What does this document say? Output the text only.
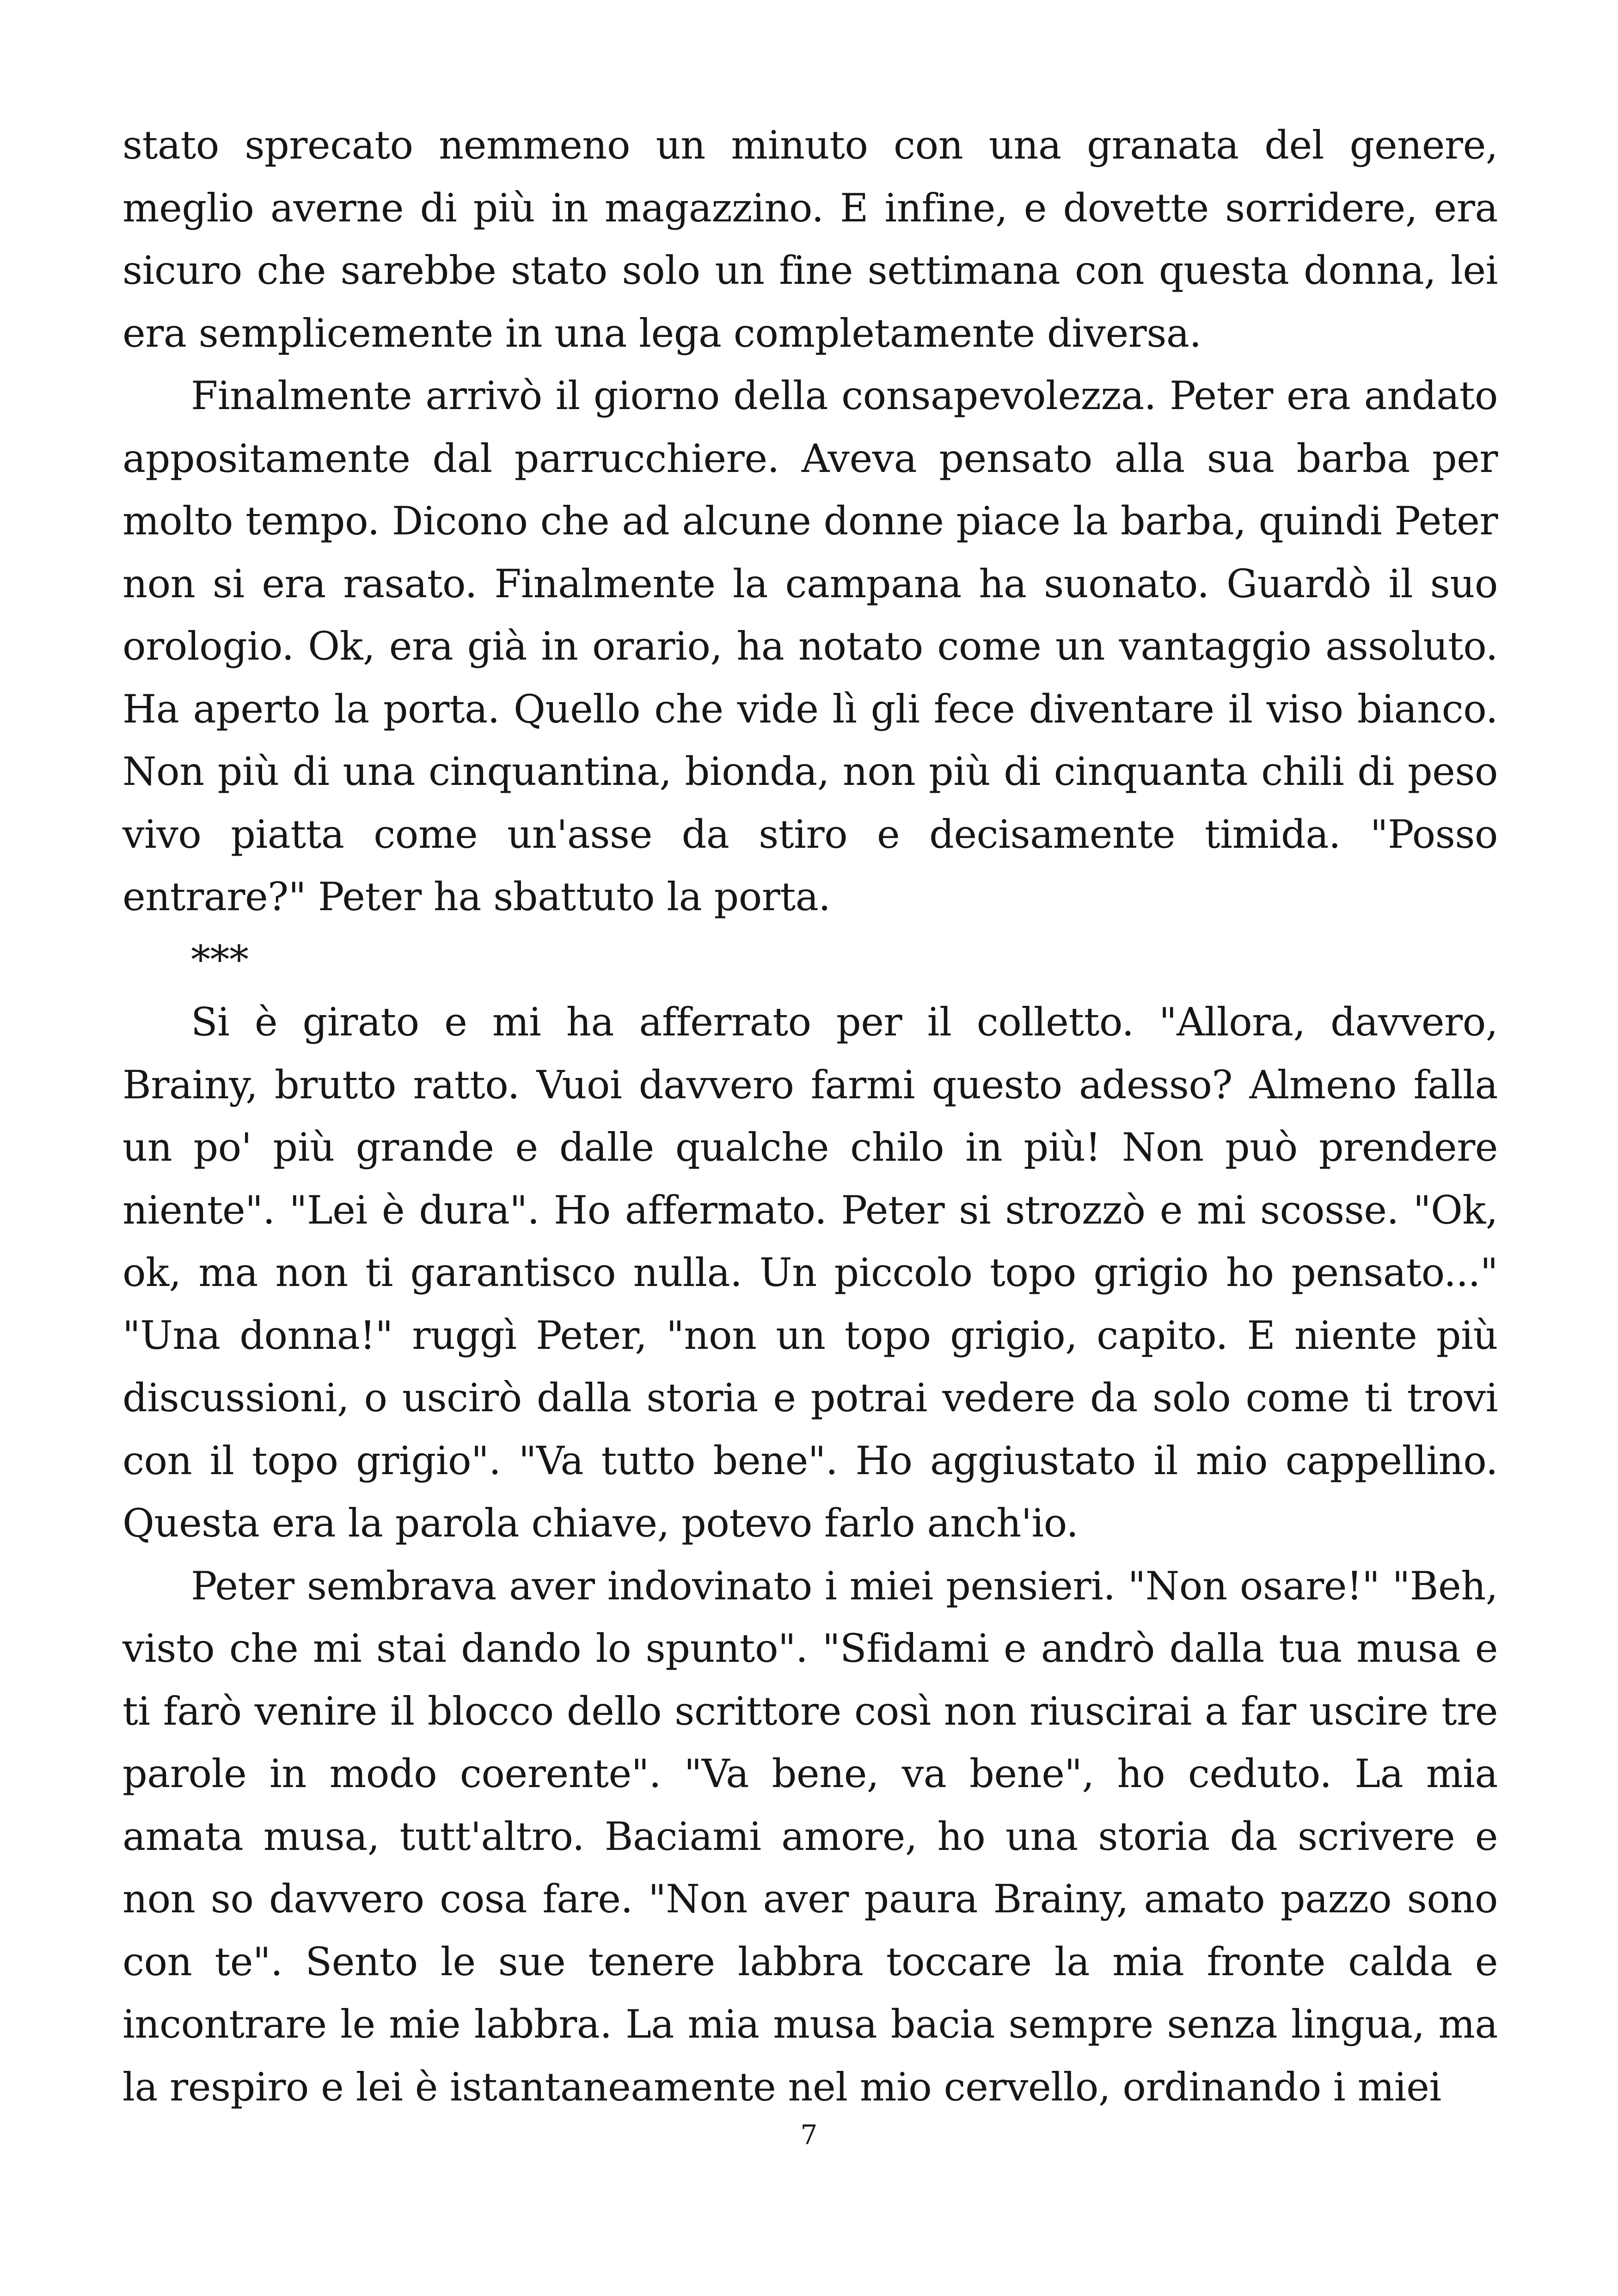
stato sprecato nemmeno un minuto con una granata del genere, meglio averne di più in magazzino. E infine, e dovette sorridere, era sicuro che sarebbe stato solo un fine settimana con questa donna, lei era semplicemente in una lega completamente diversa.

Finalmente arrivò il giorno della consapevolezza. Peter era andato appositamente dal parrucchiere. Aveva pensato alla sua barba per molto tempo. Dicono che ad alcune donne piace la barba, quindi Peter non si era rasato. Finalmente la campana ha suonato. Guardò il suo orologio. Ok, era già in orario, ha notato come un vantaggio assoluto. Ha aperto la porta. Quello che vide lì gli fece diventare il viso bianco. Non più di una cinquantina, bionda, non più di cinquanta chili di peso vivo piatta come un'asse da stiro e decisamente timida. "Posso entrare?" Peter ha sbattuto la porta.

***

Si è girato e mi ha afferrato per il colletto. "Allora, davvero, Brainy, brutto ratto. Vuoi davvero farmi questo adesso? Almeno falla un po' più grande e dalle qualche chilo in più! Non può prendere niente". "Lei è dura". Ho affermato. Peter si strozzò e mi scosse. "Ok, ok, ma non ti garantisco nulla. Un piccolo topo grigio ho pensato..." "Una donna!" ruggì Peter, "non un topo grigio, capito. E niente più discussioni, o uscirò dalla storia e potrai vedere da solo come ti trovi con il topo grigio". "Va tutto bene". Ho aggiustato il mio cappellino. Questa era la parola chiave, potevo farlo anch'io.

Peter sembrava aver indovinato i miei pensieri. "Non osare!" "Beh, visto che mi stai dando lo spunto". "Sfidami e andrò dalla tua musa e ti farò venire il blocco dello scrittore così non riuscirai a far uscire tre parole in modo coerente". "Va bene, va bene", ho ceduto. La mia amata musa, tutt'altro. Baciami amore, ho una storia da scrivere e non so davvero cosa fare. "Non aver paura Brainy, amato pazzo sono con te". Sento le sue tenere labbra toccare la mia fronte calda e incontrare le mie labbra. La mia musa bacia sempre senza lingua, ma la respiro e lei è istantaneamente nel mio cervello, ordinando i miei

7
